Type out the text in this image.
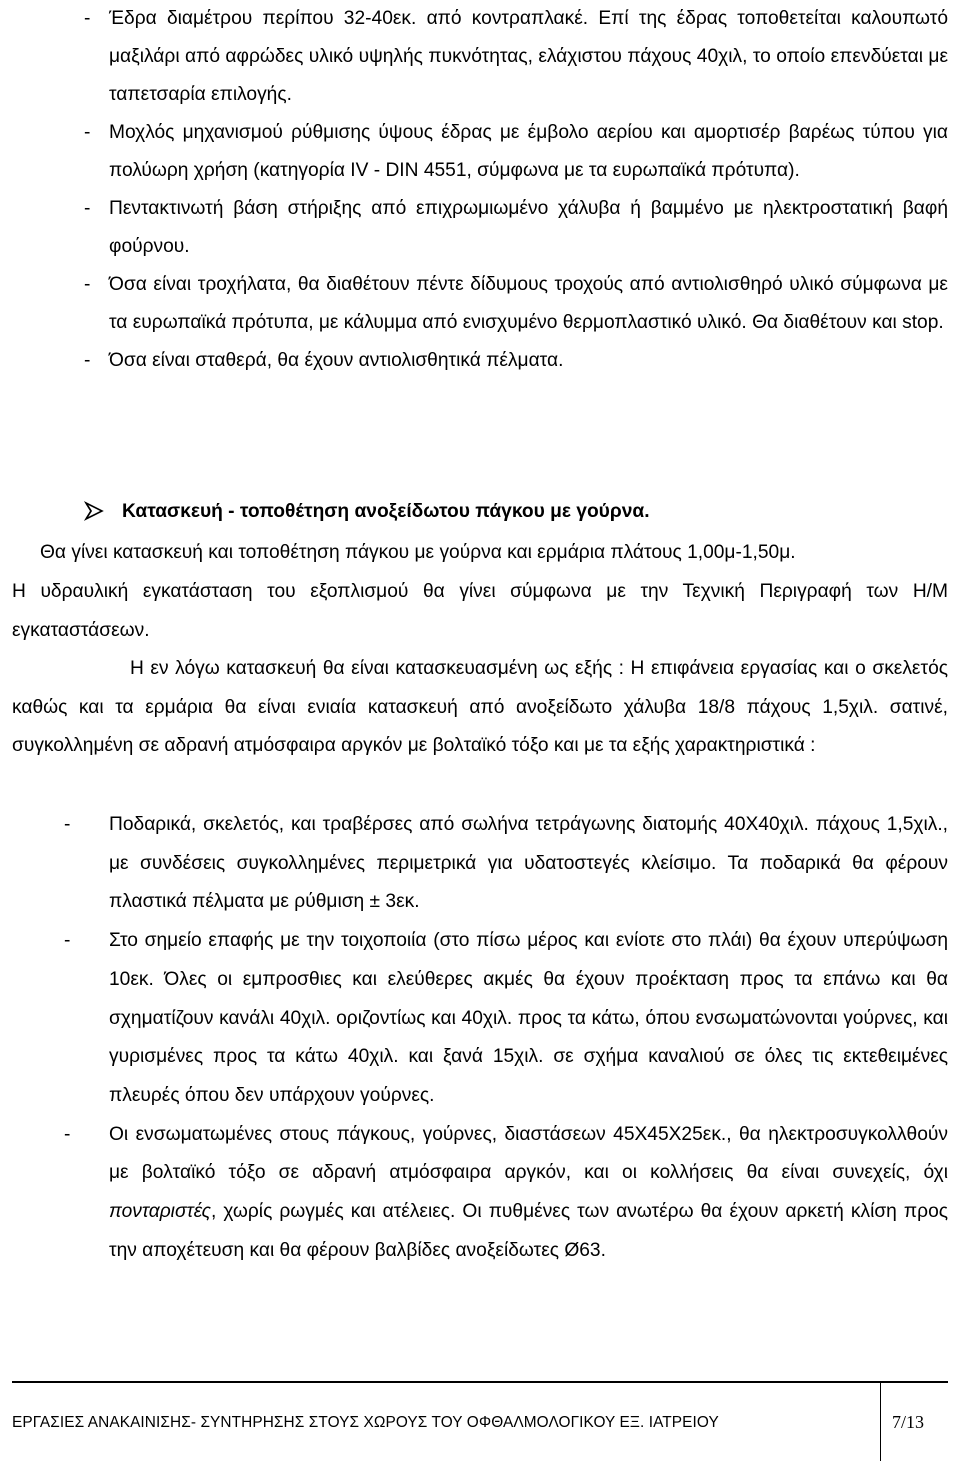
- Έδρα διαμέτρου περίπου 32-40εκ. από κοντραπλακέ. Επί της έδρας τοποθετείται καλουπωτό μαξιλάρι από αφρώδες υλικό υψηλής πυκνότητας, ελάχιστου πάχους 40χιλ, το οποίο επενδύεται με ταπετσαρία επιλογής.
- Μοχλός μηχανισμού ρύθμισης ύψους έδρας με έμβολο αερίου και αμορτισέρ βαρέως τύπου για πολύωρη χρήση (κατηγορία IV - DIN 4551, σύμφωνα με τα ευρωπαϊκά πρότυπα).
- Πεντακτινωτή βάση στήριξης από επιχρωμιωμένο χάλυβα ή βαμμένο με ηλεκτροστατική βαφή φούρνου.
- Όσα είναι τροχήλατα, θα διαθέτουν πέντε δίδυμους τροχούς από αντιολισθηρό υλικό σύμφωνα με τα ευρωπαϊκά πρότυπα, με κάλυμμα από ενισχυμένο θερμοπλαστικό υλικό. Θα διαθέτουν και stop.
- Όσα είναι σταθερά, θα έχουν αντιολισθητικά πέλματα.
Κατασκευή - τοποθέτηση ανοξείδωτου πάγκου με γούρνα.

Θα γίνει κατασκευή και τοποθέτηση πάγκου με γούρνα και ερμάρια πλάτους 1,00μ-1,50μ.

Η υδραυλική εγκατάσταση του εξοπλισμού θα γίνει σύμφωνα με την Τεχνική Περιγραφή των Η/Μ εγκαταστάσεων.

Η εν λόγω κατασκευή θα είναι κατασκευασμένη ως εξής : Η επιφάνεια εργασίας και ο σκελετός καθώς και τα ερμάρια θα είναι ενιαία κατασκευή από ανοξείδωτο χάλυβα 18/8 πάχους 1,5χιλ. σατινέ, συγκολλημένη σε αδρανή ατμόσφαιρα αργκόν με βολταϊκό τόξο και με τα εξής χαρακτηριστικά :

- Ποδαρικά, σκελετός, και τραβέρσες από σωλήνα τετράγωνης διατομής 40Χ40χιλ. πάχους 1,5χιλ., με συνδέσεις συγκολλημένες περιμετρικά για υδατοστεγές κλείσιμο. Τα ποδαρικά θα φέρουν πλαστικά πέλματα με ρύθμιση ± 3εκ.
- Στο σημείο επαφής με την τοιχοποιία (στο πίσω μέρος και ενίοτε στο πλάι) θα έχουν υπερύψωση 10εκ. Όλες οι εμπροσθιες και ελεύθερες ακμές θα έχουν προέκταση προς τα επάνω και θα σχηματίζουν κανάλι 40χιλ. οριζοντίως και 40χιλ. προς τα κάτω, όπου ενσωματώνονται γούρνες, και γυρισμένες προς τα κάτω 40χιλ. και ξανά 15χιλ. σε σχήμα καναλιού σε όλες τις εκτεθειμένες πλευρές όπου δεν υπάρχουν γούρνες.
- Οι ενσωματωμένες στους πάγκους, γούρνες, διαστάσεων 45Χ45Χ25εκ., θα ηλεκτροσυγκολλθούν με βολταϊκό τόξο σε αδρανή ατμόσφαιρα αργκόν, και οι κολλήσεις θα είναι συνεχείς, όχι πονταριστές, χωρίς ρωγμές και ατέλειες. Οι πυθμένες των ανωτέρω θα έχουν αρκετή κλίση προς την αποχέτευση και θα φέρουν βαλβίδες ανοξείδωτες Ø63.
ΕΡΓΑΣΙΕΣ ΑΝΑΚΑΙΝΙΣΗΣ- ΣΥΝΤΗΡΗΣΗΣ ΣΤΟΥΣ ΧΩΡΟΥΣ ΤΟΥ ΟΦΘΑΛΜΟΛΟΓΙΚΟΥ ΕΞ. ΙΑΤΡΕΙΟΥ	7/13
